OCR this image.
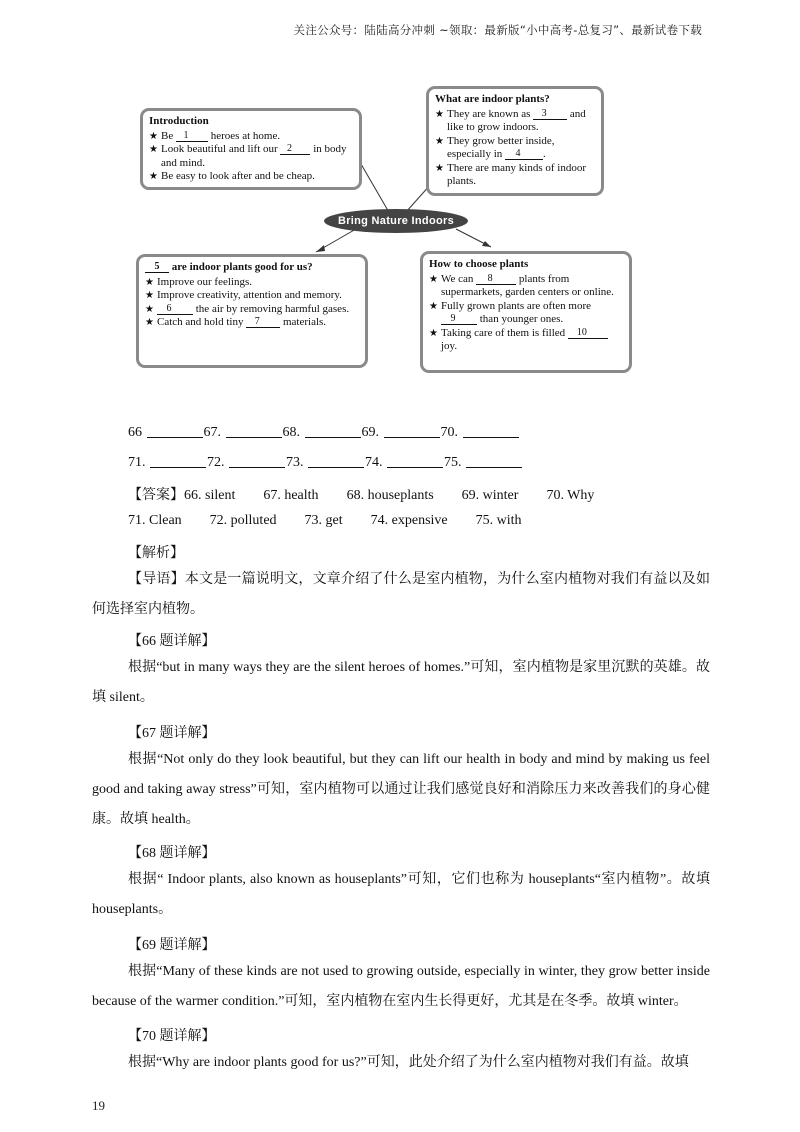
关注公众号：陆陆高分冲刺 ~领取：最新版“小中高考-总复习”、最新试卷下载
Introduction
★ Be 1 heroes at home.
★ Look beautiful and lift our 2 in body and mind.
★ Be easy to look after and be cheap.
What are indoor plants?
★ They are known as 3 and like to grow indoors.
★ They grow better inside, especially in 4 .
★ There are many kinds of indoor plants.
Bring Nature Indoors
5 are indoor plants good for us?
★ Improve our feelings.
★ Improve creativity, attention and memory.
★ 6 the air by removing harmful gases.
★ Catch and hold tiny 7 materials.
How to choose plants
★ We can 8 plants from supermarkets, garden centers or online.
★ Fully grown plants are often more 9 than younger ones.
★ Taking care of them is filled 10 joy.
66	67.	68.	69.	70.
71.	72.	73.	74.	75.
【答案】66. silent 67. health 68. houseplants 69. winter 70. Why
71. Clean 72. polluted 73. get 74. expensive 75. with
【解析】
【导语】本文是一篇说明文，文章介绍了什么是室内植物，为什么室内植物对我们有益以及如何选择室内植物。
【66 题详解】
根据“but in many ways they are the silent heroes of homes.”可知，室内植物是家里沉默的英雄。故填 silent。
【67 题详解】
根据“Not only do they look beautiful, but they can lift our health in body and mind by making us feel good and taking away stress”可知，室内植物可以通过让我们感觉良好和消除压力来改善我们的身心健康。故填 health。
【68 题详解】
根据“ Indoor plants, also known as houseplants”可知，它们也称为 houseplants“室内植物”。故填 houseplants。
【69 题详解】
根据“Many of these kinds are not used to growing outside, especially in winter, they grow better inside because of the warmer condition.”可知，室内植物在室内生长得更好，尤其是在冬季。故填 winter。
【70 题详解】
根据“Why are indoor plants good for us?”可知，此处介绍了为什么室内植物对我们有益。故填
19
